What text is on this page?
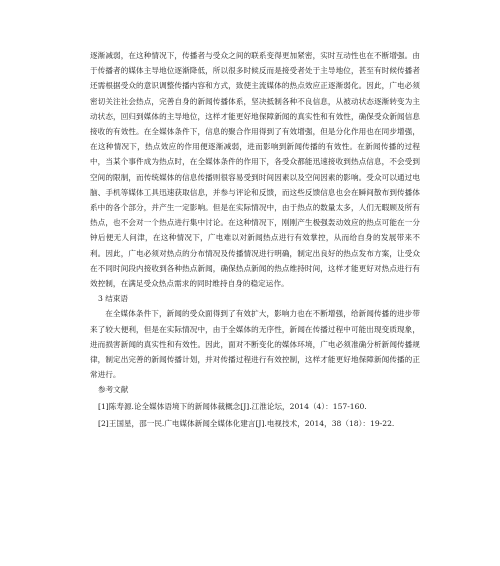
逐渐减弱，在这种情况下，传播者与受众之间的联系变得更加紧密，实时互动性也在不断增强。由于传播者的媒体主导地位逐渐降低，所以很多时候反而是接受者处于主导地位，甚至有时候传播者还需根据受众的意识调整传播内容和方式，致使主流媒体的热点效应正逐渐弱化。因此，广电必须密切关注社会热点，完善自身的新闻传播体系，坚决抵制各种不良信息，从被动状态逐渐转变为主动状态，回归到媒体的主导地位，这样才能更好地保障新闻的真实性和有效性，确保受众新闻信息接收的有效性。在全媒体条件下，信息的聚合作用得到了有效增强，但是分化作用也在同步增强，在这种情况下，热点效应的作用便逐渐减弱，进而影响到新闻传播的有效性。在新闻传播的过程中，当某个事件成为热点时，在全媒体条件的作用下，各受众都能迅速接收到热点信息，不会受到空间的限制，而传统媒体的信息传播则很容易受到时间因素以及空间因素的影响。受众可以通过电脑、手机等媒体工具迅速获取信息，并参与评论和反馈，而这些反馈信息也会在瞬间散布到传播体系中的各个部分，并产生一定影响。但是在实际情况中，由于热点的数量太多，人们无暇顾及所有热点，也不会对一个热点进行集中讨论。在这种情况下，刚刚产生极强轰动效应的热点可能在一分钟后便无人问津，在这种情况下，广电难以对新闻热点进行有效掌控，从而给自身的发展带来不利。因此，广电必须对热点的分布情况及传播情况进行明确，制定出良好的热点发布方案，让受众在不同时间段内接收到各种热点新闻，确保热点新闻的热点维持时间，这样才能更好对热点进行有效控制，在满足受众热点需求的同时维持自身的稳定运作。

3 结束语

在全媒体条件下，新闻的受众面得到了有效扩大，影响力也在不断增强，给新闻传播的进步带来了较大便利，但是在实际情况中，由于全媒体的无序性，新闻在传播过程中可能出现变质现象，进而损害新闻的真实性和有效性。因此，面对不断变化的媒体环境，广电必须准确分析新闻传播规律，制定出完善的新闻传播计划，并对传播过程进行有效控制，这样才能更好地保障新闻传播的正常进行。

参考文献

[1]陈寿源.论全媒体语境下的新闻体裁概念[J].江淮论坛，2014（4）：157-160.

[2]王国星，邵一民.广电媒体新闻全媒体化建言[J].电视技术，2014，38（18）：19-22.
